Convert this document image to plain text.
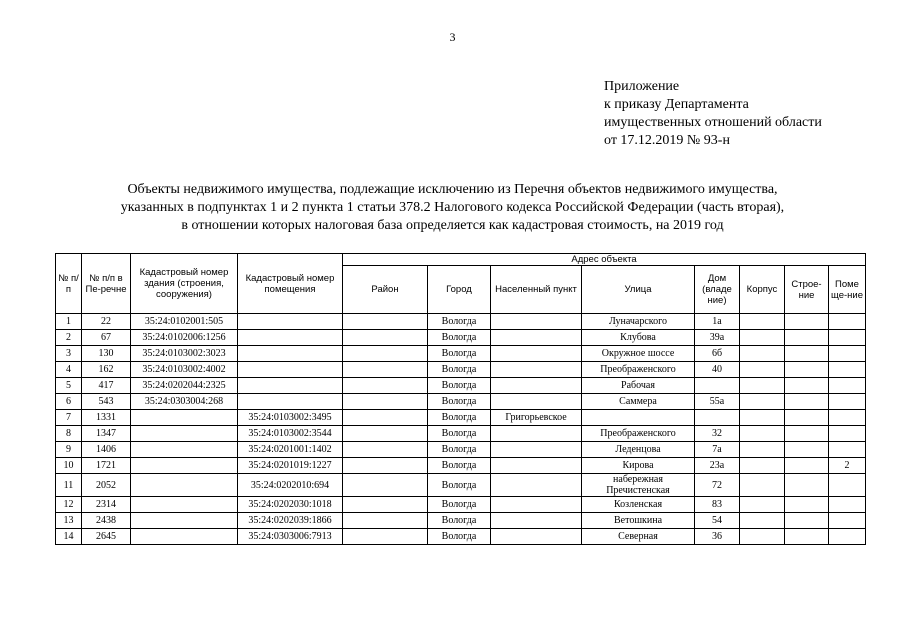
3
Приложение
к приказу Департамента
имущественных отношений области
от 17.12.2019 № 93-н
Объекты недвижимого имущества, подлежащие исключению из Перечня объектов недвижимого имущества,
указанных в подпунктах 1 и 2 пункта 1 статьи 378.2 Налогового кодекса Российской Федерации (часть вторая),
в отношении которых налоговая база определяется как кадастровая стоимость, на 2019 год
№ п/п	№ п/п в Пе-речне	Кадастровый номер здания (строения, сооружения)	Кадастровый номер помещения	Адрес объекта							
				Район	Город	Населенный пункт	Улица	Дом (владе ние)	Корпус	Строе-ние	Поме ще-ние
1	22	35:24:0102001:505			Вологда		Луначарского	1а			
2	67	35:24:0102006:1256			Вологда		Клубова	39а			
3	130	35:24:0103002:3023			Вологда		Окружное шоссе	6б			
4	162	35:24:0103002:4002			Вологда		Преображенского	40			
5	417	35:24:0202044:2325			Вологда		Рабочая				
6	543	35:24:0303004:268			Вологда		Саммера	55а			
7	1331		35:24:0103002:3495		Вологда	Григорьевское					
8	1347		35:24:0103002:3544		Вологда		Преображенского	32			
9	1406		35:24:0201001:1402		Вологда		Леденцова	7а			
10	1721		35:24:0201019:1227		Вологда		Кирова	23а			2
11	2052		35:24:0202010:694		Вологда		набережная Пречистенская	72			
12	2314		35:24:0202030:1018		Вологда		Козленская	83			
13	2438		35:24:0202039:1866		Вологда		Ветошкина	54			
14	2645		35:24:0303006:7913		Вологда		Северная	36			
